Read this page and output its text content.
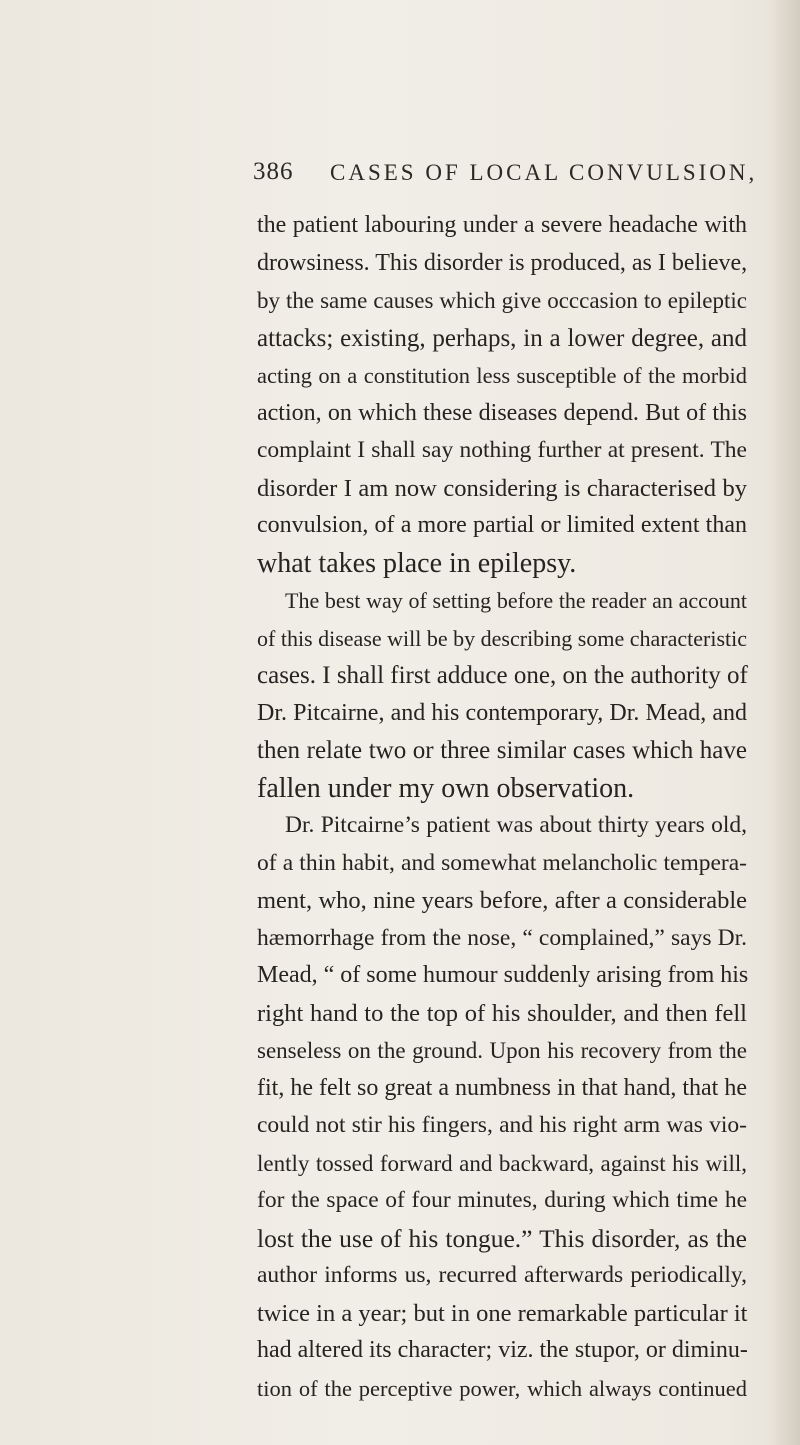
386 CASES OF LOCAL CONVULSION,
the patient labouring under a severe headache with
drowsiness. This disorder is produced, as I believe,
by the same causes which give occcasion to epileptic
attacks; existing, perhaps, in a lower degree, and
acting on a constitution less susceptible of the morbid
action, on which these diseases depend. But of this
complaint I shall say nothing further at present. The
disorder I am now considering is characterised by
convulsion, of a more partial or limited extent than
what takes place in epilepsy.
The best way of setting before the reader an account
of this disease will be by describing some characteristic
cases. I shall first adduce one, on the authority of
Dr. Pitcairne, and his contemporary, Dr. Mead, and
then relate two or three similar cases which have
fallen under my own observation.
Dr. Pitcairne’s patient was about thirty years old,
of a thin habit, and somewhat melancholic tempera-
ment, who, nine years before, after a considerable
hæmorrhage from the nose, “ complained,” says Dr.
Mead, “ of some humour suddenly arising from his
right hand to the top of his shoulder, and then fell
senseless on the ground. Upon his recovery from the
fit, he felt so great a numbness in that hand, that he
could not stir his fingers, and his right arm was vio-
lently tossed forward and backward, against his will,
for the space of four minutes, during which time he
lost the use of his tongue.” This disorder, as the
author informs us, recurred afterwards periodically,
twice in a year; but in one remarkable particular it
had altered its character; viz. the stupor, or diminu-
tion of the perceptive power, which always continued
